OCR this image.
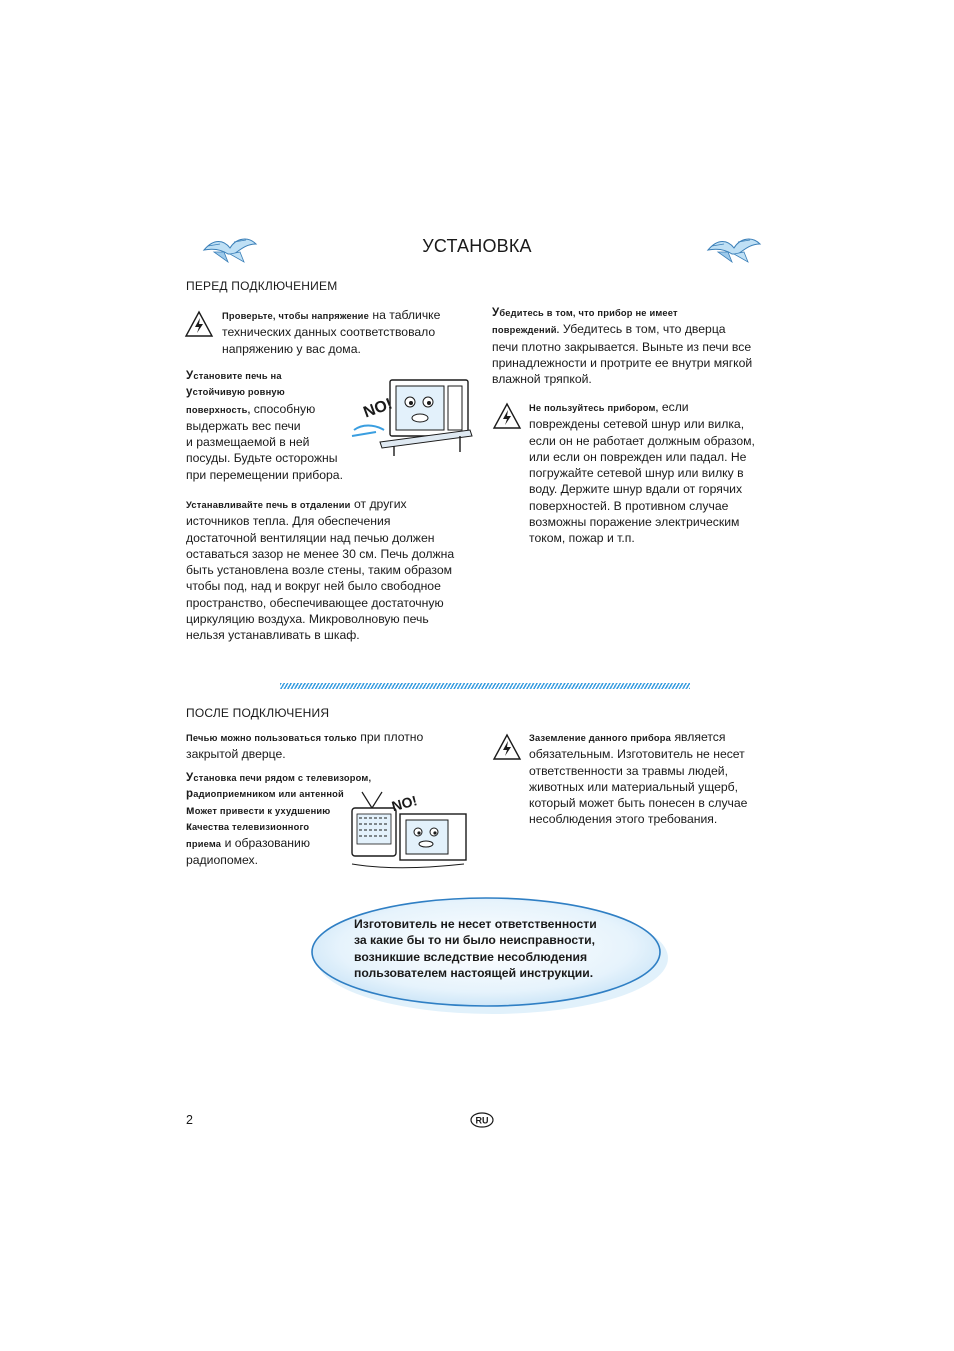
УСТАНОВКА
ПЕРЕД ПОДКЛЮЧЕНИЕМ
Проверьте, чтобы напряжение на табличке
технических данных соответствовало
напряжению у вас дома.
Установите печь на
устойчивую ровную
поверхность, способную
выдержать вес печи
и размещаемой в ней
посуды. Будьте осторожны
при перемещении прибора.
NO!
Устанавливайте печь в отдалении от других
источников тепла. Для обеспечения
достаточной вентиляции над печью должен
оставаться зазор не менее 30 см. Печь должна
быть установлена возле стены, таким образом
чтобы под, над и вокруг ней было свободное
пространство, обеспечивающее достаточную
циркуляцию воздуха. Микроволновую печь
нельзя устанавливать в шкаф.
Убедитесь в том, что прибор не имеет
повреждений. Убедитесь в том, что дверца
печи плотно закрывается. Выньте из печи все
принадлежности и протрите ее внутри мягкой
влажной тряпкой.
Не пользуйтесь прибором, если
повреждены сетевой шнур или вилка,
если он не работает должным образом,
или если он поврежден или падал. Не
погружайте сетевой шнур или вилку в
воду. Держите шнур вдали от горячих
поверхностей. В противном случае
возможны поражение электрическим
током, пожар и т.п.
ПОСЛЕ ПОДКЛЮЧЕНИЯ
Печью можно пользоваться только при плотно
закрытой дверце.
Установка печи рядом с телевизором,
радиоприемником или антенной
может привести к ухудшению
качества телевизионного
приема и образованию
радиопомех.
NO!
Заземление данного прибора является
обязательным. Изготовитель не несет
ответственности за травмы людей,
животных или материальный ущерб,
который может быть понесен в случае
несоблюдения этого требования.
Изготовитель не несет ответственности
за какие бы то ни было неисправности,
возникшие вследствие несоблюдения
пользователем настоящей инструкции.
2	RU
